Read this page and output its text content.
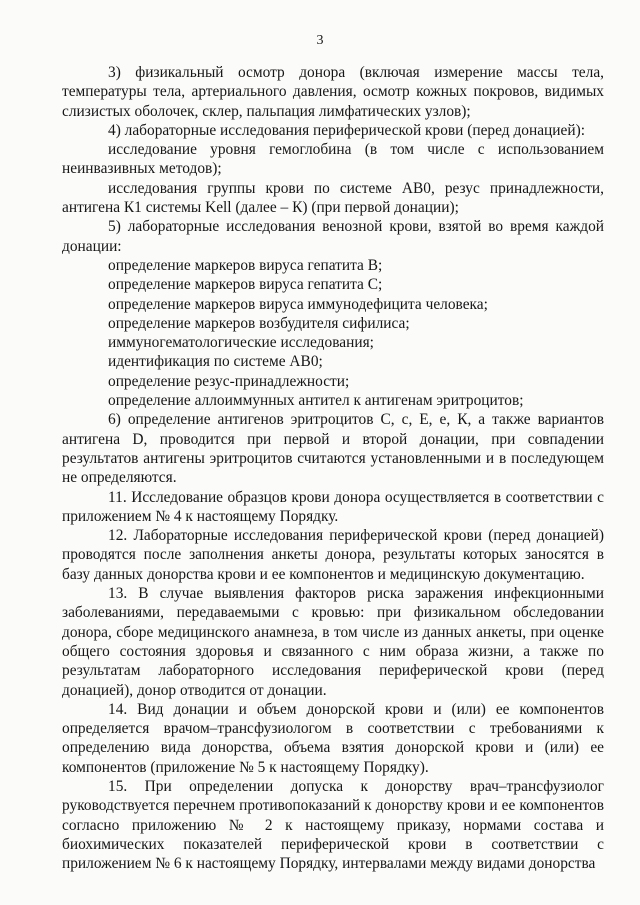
3

3) физикальный осмотр донора (включая измерение массы тела, температуры тела, артериального давления, осмотр кожных покровов, видимых слизистых оболочек, склер, пальпация лимфатических узлов);

4) лабораторные исследования периферической крови (перед донацией):

исследование уровня гемоглобина (в том числе с использованием неинвазивных методов);

исследования группы крови по системе АВ0, резус принадлежности, антигена К1 системы Kell (далее – К) (при первой донации);

5) лабораторные исследования венозной крови, взятой во время каждой донации:

определение маркеров вируса гепатита В;

определение маркеров вируса гепатита С;

определение маркеров вируса иммунодефицита человека;

определение маркеров возбудителя сифилиса;

иммуногематологические исследования;

идентификация по системе АВ0;

определение резус-принадлежности;

определение аллоиммунных антител к антигенам эритроцитов;

6) определение антигенов эритроцитов С, с, Е, е, К, а также вариантов антигена D, проводится при первой и второй донации, при совпадении результатов антигены эритроцитов считаются установленными и в последующем не определяются.

11. Исследование образцов крови донора осуществляется в соответствии с приложением № 4 к настоящему Порядку.

12. Лабораторные исследования периферической крови (перед донацией) проводятся после заполнения анкеты донора, результаты которых заносятся в базу данных донорства крови и ее компонентов и медицинскую документацию.

13. В случае выявления факторов риска заражения инфекционными заболеваниями, передаваемыми с кровью: при физикальном обследовании донора, сборе медицинского анамнеза, в том числе из данных анкеты, при оценке общего состояния здоровья и связанного с ним образа жизни, а также по результатам лабораторного исследования периферической крови (перед донацией), донор отводится от донации.

14. Вид донации и объем донорской крови и (или) ее компонентов определяется врачом–трансфузиологом в соответствии с требованиями к определению вида донорства, объема взятия донорской крови и (или) ее компонентов (приложение № 5 к настоящему Порядку).

15. При определении допуска к донорству врач–трансфузиолог руководствуется перечнем противопоказаний к донорству крови и ее компонентов согласно приложению № 2 к настоящему приказу, нормами состава и биохимических показателей периферической крови в соответствии с приложением № 6 к настоящему Порядку, интервалами между видами донорства
